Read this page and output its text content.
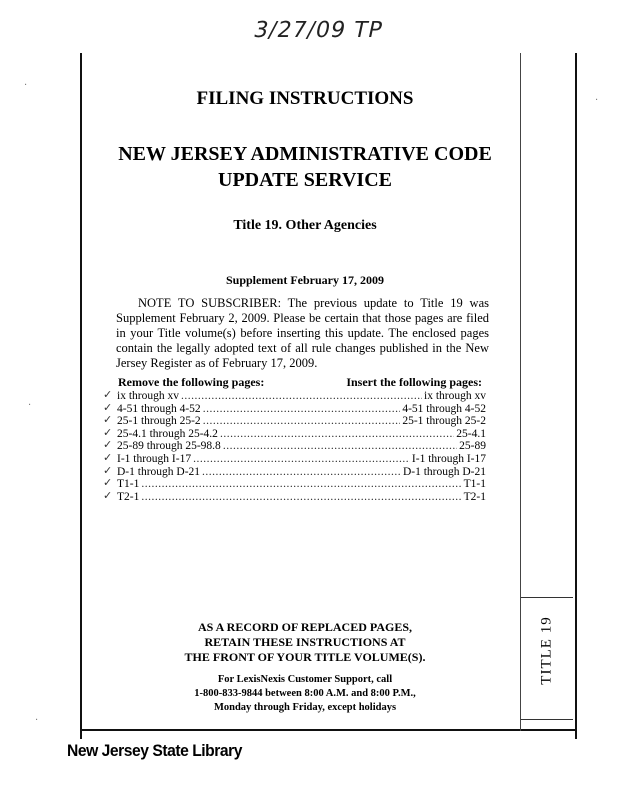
3/27/09 TP
TITLE 19
FILING INSTRUCTIONS
NEW JERSEY ADMINISTRATIVE CODE
UPDATE SERVICE
Title 19. Other Agencies
Supplement February 17, 2009
NOTE TO SUBSCRIBER: The previous update to Title 19 was Supplement February 2, 2009. Please be certain that those pages are filed in your Title volume(s) before inserting this update. The enclosed pages contain the legally adopted text of all rule changes published in the New Jersey Register as of February 17, 2009.
Remove the following pages:	Insert the following pages:
✓ ix through xv .....	ix through xv
✓ 4-51 through 4-52 .....	4-51 through 4-52
✓ 25-1 through 25-2 .....	25-1 through 25-2
✓ 25-4.1 through 25-4.2 .....	25-4.1
✓ 25-89 through 25-98.8 .....	25-89
✓ I-1 through I-17 .....	I-1 through I-17
✓ D-1 through D-21 .....	D-1 through D-21
✓ T1-1 .....	T1-1
✓ T2-1 .....	T2-1
AS A RECORD OF REPLACED PAGES,
RETAIN THESE INSTRUCTIONS AT
THE FRONT OF YOUR TITLE VOLUME(S).
For LexisNexis Customer Support, call
1-800-833-9844 between 8:00 A.M. and 8:00 P.M.,
Monday through Friday, except holidays
New Jersey State Library
·
·
·
·
